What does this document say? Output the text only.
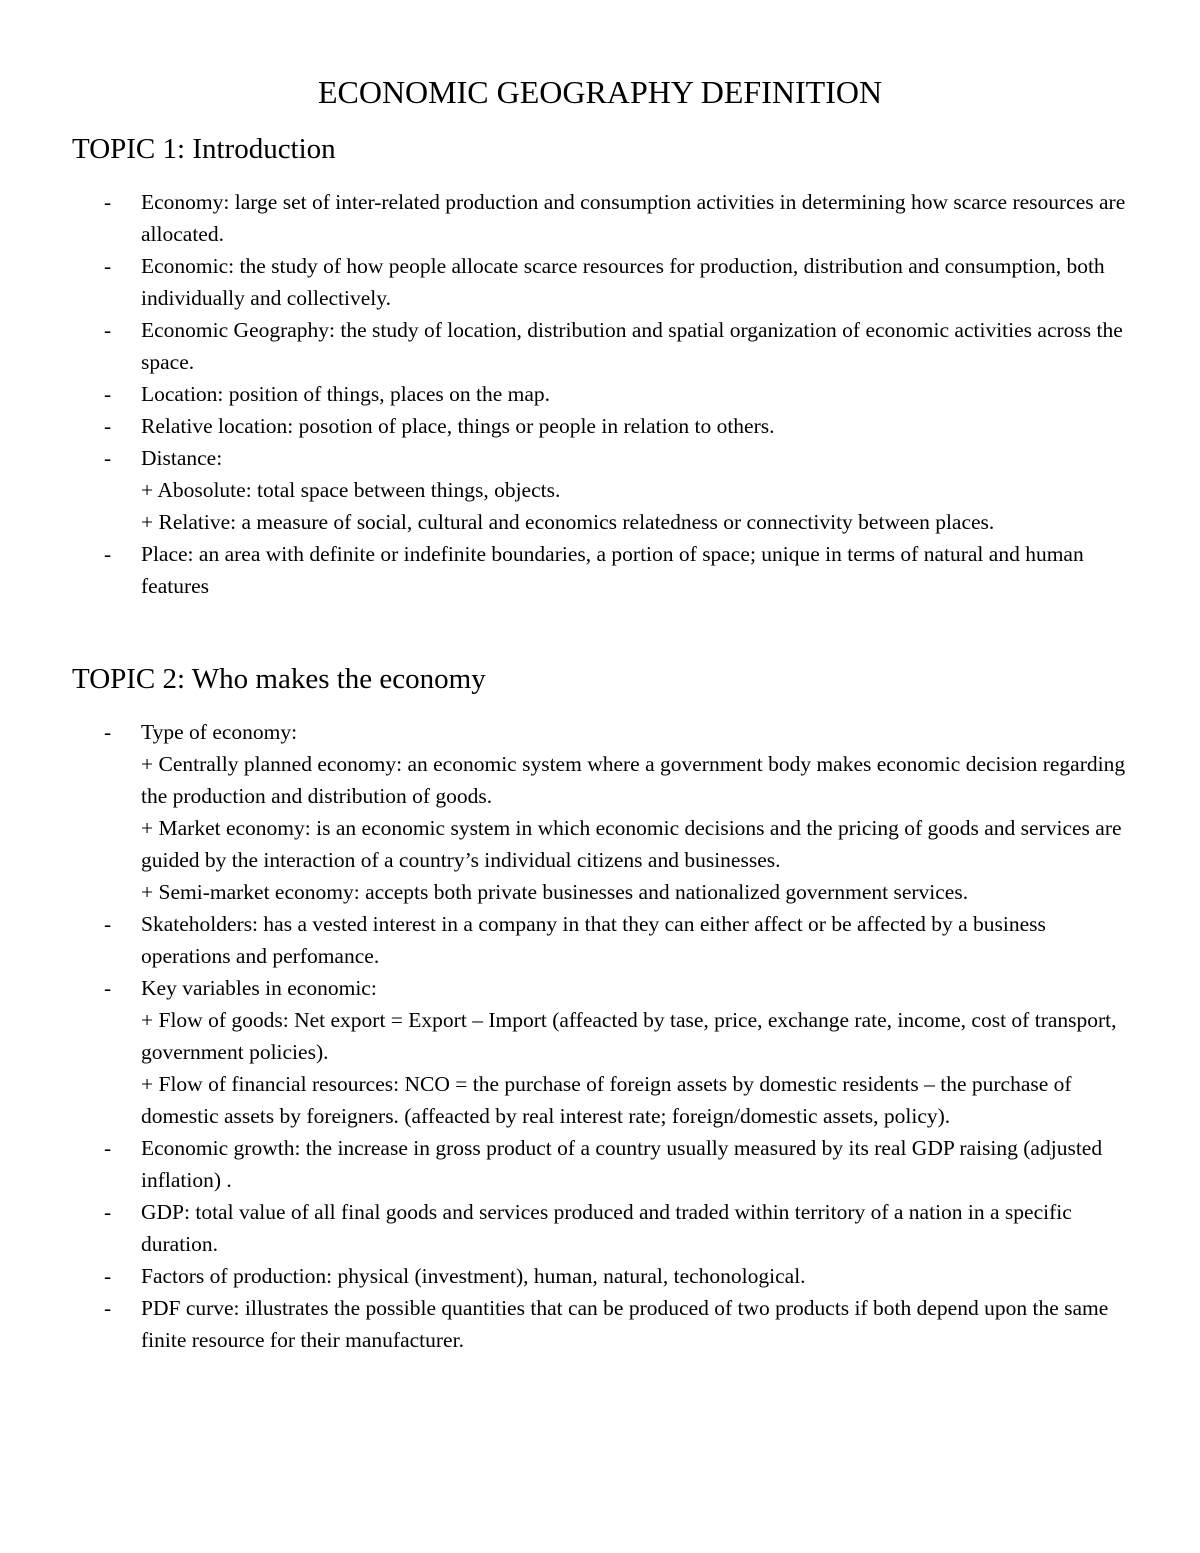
ECONOMIC GEOGRAPHY DEFINITION
TOPIC 1: Introduction
- Economy: large set of inter-related production and consumption activities in determining how scarce resources are allocated.
- Economic: the study of how people allocate scarce resources for production, distribution and consumption, both individually and collectively.
- Economic Geography: the study of location, distribution and spatial organization of economic activities across the space.
- Location: position of things, places on the map.
- Relative location: posotion of place, things or people in relation to others.
- Distance:
+ Abosolute: total space between things, objects.
+ Relative: a measure of social, cultural and economics relatedness or connectivity between places.
- Place: an area with definite or indefinite boundaries, a portion of space; unique in terms of natural and human features
TOPIC 2: Who makes the economy
- Type of economy:
+ Centrally planned economy: an economic system where a government body makes economic decision regarding the production and distribution of goods.
+ Market economy: is an economic system in which economic decisions and the pricing of goods and services are guided by the interaction of a country’s individual citizens and businesses.
+ Semi-market economy: accepts both private businesses and nationalized government services.
- Skateholders: has a vested interest in a company in that they can either affect or be affected by a business operations and perfomance.
- Key variables in economic:
+ Flow of goods: Net export = Export – Import (affeacted by tase, price, exchange rate, income, cost of transport, government policies).
+ Flow of financial resources: NCO = the purchase of foreign assets by domestic residents – the purchase of domestic assets by foreigners. (affeacted by real interest rate; foreign/domestic assets, policy).
- Economic growth: the increase in gross product of a country usually measured by its real GDP raising (adjusted inflation) .
- GDP: total value of all final goods and services produced and traded within territory of a nation in a specific duration.
- Factors of production: physical (investment), human, natural, techonological.
- PDF curve: illustrates the possible quantities that can be produced of two products if both depend upon the same finite resource for their manufacturer.
